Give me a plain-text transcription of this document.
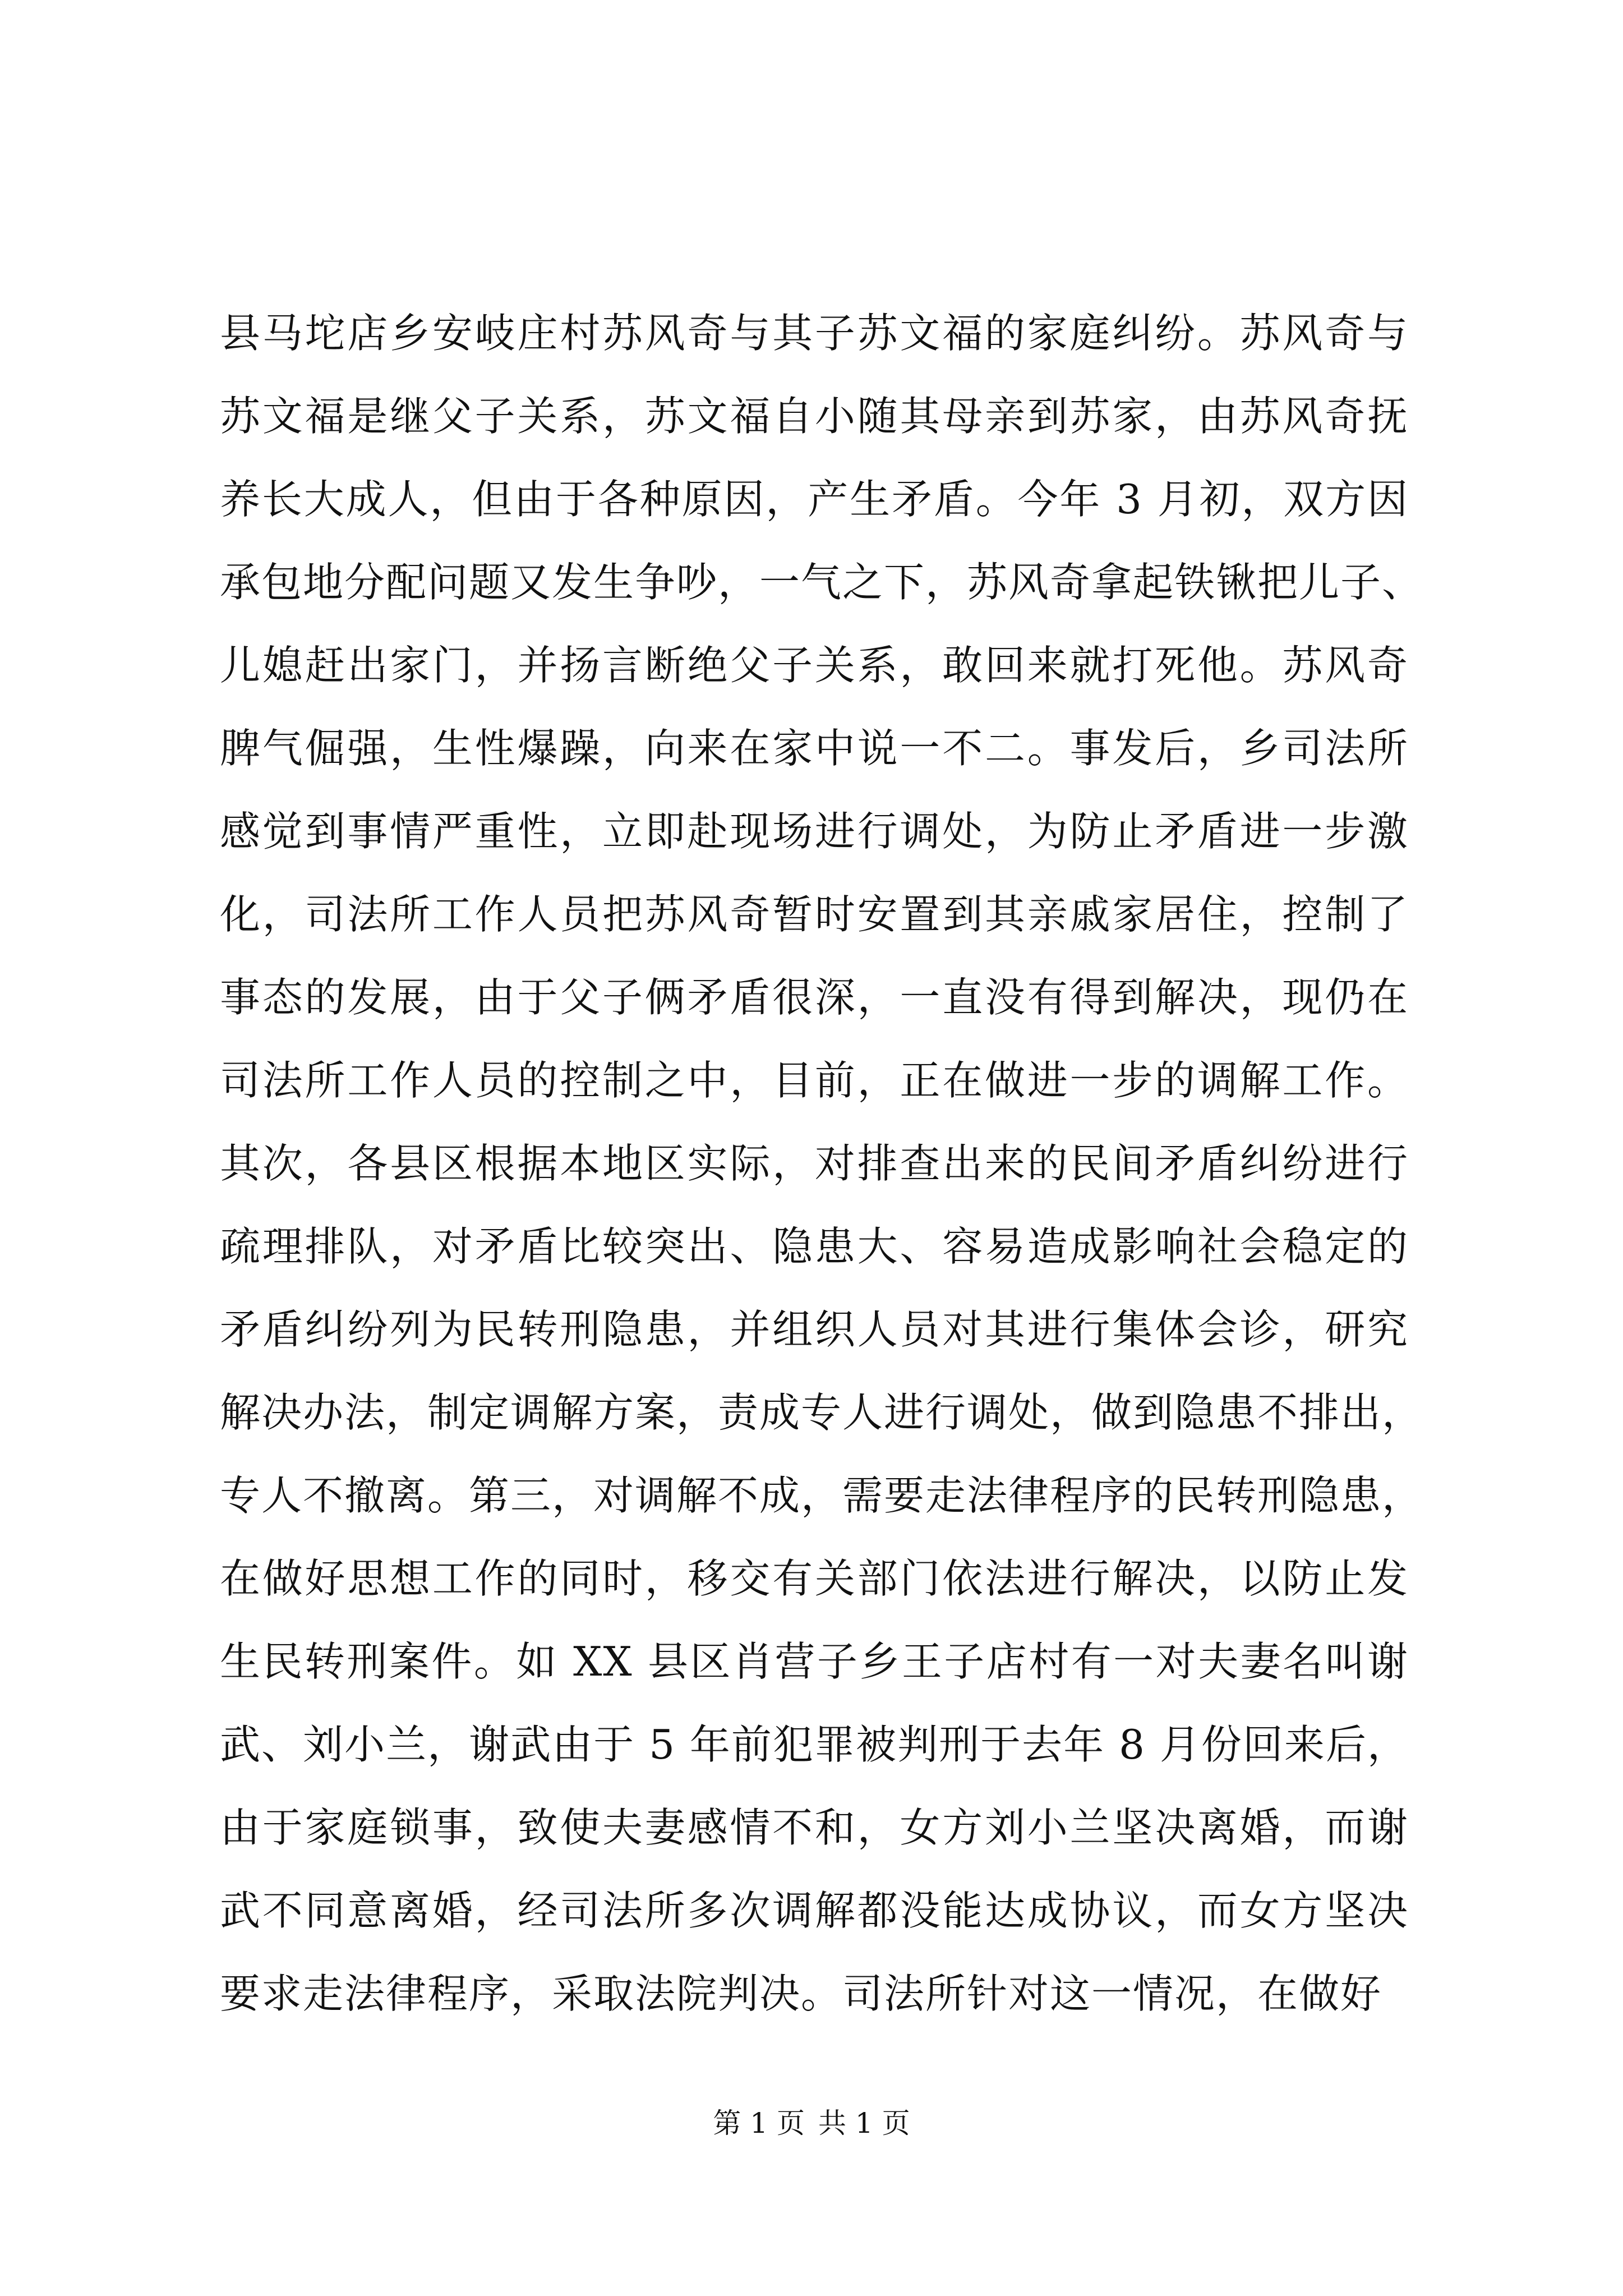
县马坨店乡安岐庄村苏风奇与其子苏文福的家庭纠纷。苏风奇与
苏文福是继父子关系，苏文福自小随其母亲到苏家，由苏风奇抚
养长大成人，但由于各种原因，产生矛盾。今年 3 月初，双方因
承包地分配问题又发生争吵，一气之下，苏风奇拿起铁锹把儿子、
儿媳赶出家门，并扬言断绝父子关系，敢回来就打死他。苏风奇
脾气倔强，生性爆躁，向来在家中说一不二。事发后，乡司法所
感觉到事情严重性，立即赴现场进行调处，为防止矛盾进一步激
化，司法所工作人员把苏风奇暂时安置到其亲戚家居住，控制了
事态的发展，由于父子俩矛盾很深，一直没有得到解决，现仍在
司法所工作人员的控制之中，目前，正在做进一步的调解工作。
其次，各县区根据本地区实际，对排查出来的民间矛盾纠纷进行
疏理排队，对矛盾比较突出、隐患大、容易造成影响社会稳定的
矛盾纠纷列为民转刑隐患，并组织人员对其进行集体会诊，研究
解决办法，制定调解方案，责成专人进行调处，做到隐患不排出，
专人不撤离。第三，对调解不成，需要走法律程序的民转刑隐患，
在做好思想工作的同时，移交有关部门依法进行解决，以防止发
生民转刑案件。如 XX 县区肖营子乡王子店村有一对夫妻名叫谢
武、刘小兰，谢武由于 5 年前犯罪被判刑于去年 8 月份回来后，
由于家庭锁事，致使夫妻感情不和，女方刘小兰坚决离婚，而谢
武不同意离婚，经司法所多次调解都没能达成协议，而女方坚决
要求走法律程序，采取法院判决。司法所针对这一情况，在做好
第 1 页 共 1 页
